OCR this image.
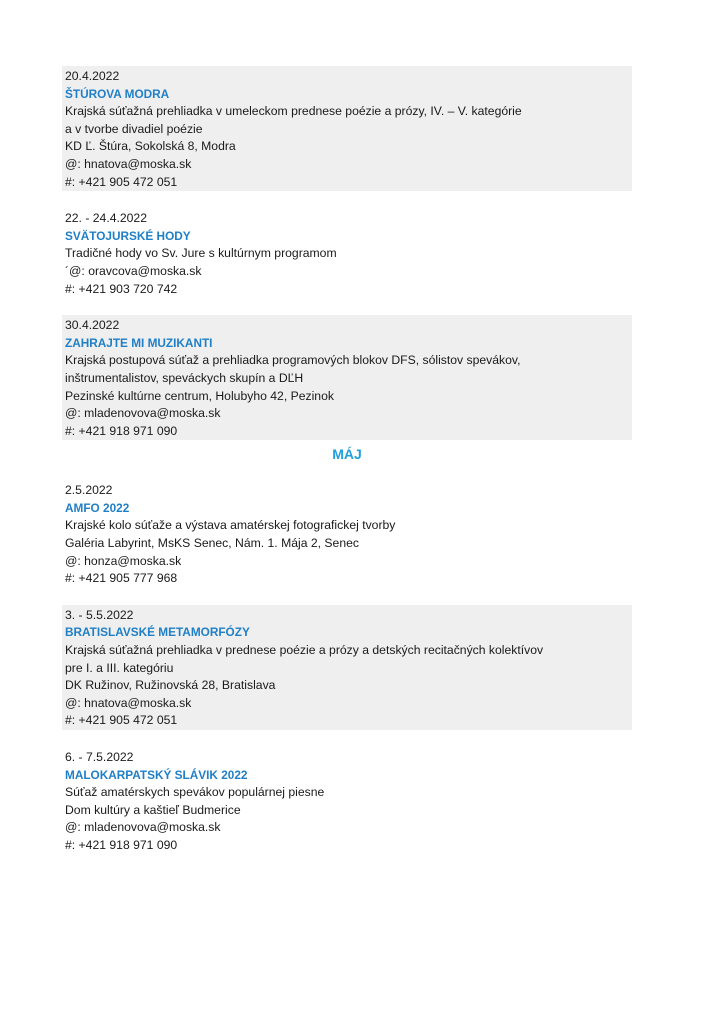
20.4.2022
ŠTÚROVA MODRA
Krajská súťažná prehliadka v umeleckom prednese poézie a prózy, IV. – V. kategórie
a v tvorbe divadiel poézie
KD Ľ. Štúra, Sokolská 8, Modra
@: hnatova@moska.sk
#: +421 905 472 051
22. - 24.4.2022
SVÄTOJURSKÉ HODY
Tradičné hody vo Sv. Jure s kultúrnym programom
´@: oravcova@moska.sk
#: +421 903 720 742
30.4.2022
ZAHRAJTE MI MUZIKANTI
Krajská postupová súťaž a prehliadka programových blokov DFS, sólistov spevákov,
inštrumentalistov, speváckych skupín a DĽH
Pezinské kultúrne centrum, Holubyho 42, Pezinok
@: mladenovova@moska.sk
#: +421 918 971 090
MÁJ
2.5.2022
AMFO 2022
Krajské kolo súťaže a výstava amatérskej fotografickej tvorby
Galéria Labyrint, MsKS Senec, Nám. 1. Mája 2, Senec
@: honza@moska.sk
#: +421 905 777 968
3. - 5.5.2022
BRATISLAVSKÉ METAMORFÓZY
Krajská súťažná prehliadka v prednese poézie a prózy a detských recitačných kolektívov
pre I. a III. kategóriu
DK Ružinov, Ružinovská 28, Bratislava
@: hnatova@moska.sk
#: +421 905 472 051
6. - 7.5.2022
MALOKARPATSKÝ SLÁVIK 2022
Súťaž amatérskych spevákov populárnej piesne
Dom kultúry a kaštieľ Budmerice
@: mladenovova@moska.sk
#: +421 918 971 090
